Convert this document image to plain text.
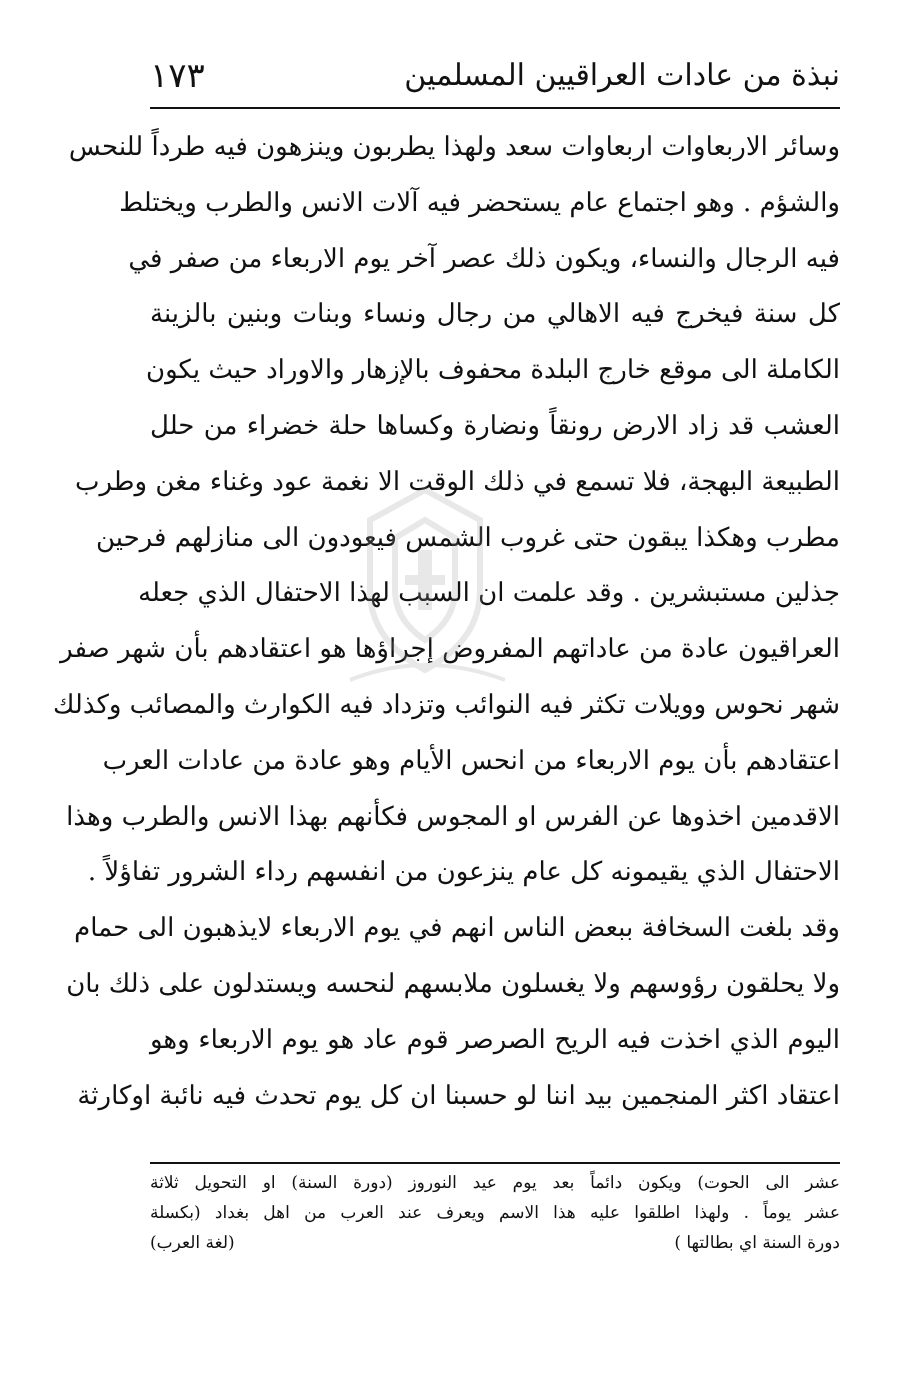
نبذة من عادات العراقيين المسلمين
١٧٣
وسائر الاربعاوات اربعاوات سعد ولهذا يطربون وينزهون فيه طرداً للنحس
والشؤم . وهو اجتماع عام يستحضر فيه آلات الانس والطرب ويختلط
فيه الرجال والنساء، ويكون ذلك عصر آخر يوم الاربعاء من صفر في
كل سنة فيخرج فيه الاهالي من رجال ونساء وبنات وبنين بالزينة
الكاملة الى موقع خارج البلدة محفوف بالإزهار والاوراد حيث يكون
العشب قد زاد الارض رونقاً ونضارة وكساها حلة خضراء من حلل
الطبيعة البهجة، فلا تسمع في ذلك الوقت الا نغمة عود وغناء مغن وطرب
مطرب وهكذا يبقون حتى غروب الشمس فيعودون الى منازلهم فرحين
جذلين مستبشرين . وقد علمت ان السبب لهذا الاحتفال الذي جعله
العراقيون عادة من عاداتهم المفروض إجراؤها هو اعتقادهم بأن شهر صفر
شهر نحوس وويلات تكثر فيه النوائب وتزداد فيه الكوارث والمصائب وكذلك
اعتقادهم بأن يوم الاربعاء من انحس الأيام وهو عادة من عادات العرب
الاقدمين اخذوها عن الفرس او المجوس فكأنهم بهذا الانس والطرب وهذا
الاحتفال الذي يقيمونه كل عام ينزعون من انفسهم رداء الشرور تفاؤلاً .
وقد بلغت السخافة ببعض الناس انهم في يوم الاربعاء لايذهبون الى حمام
ولا يحلقون رؤوسهم ولا يغسلون ملابسهم لنحسه ويستدلون على ذلك بان
اليوم الذي اخذت فيه الريح الصرصر قوم عاد هو يوم الاربعاء وهو
اعتقاد اكثر المنجمين بيد اننا لو حسبنا ان كل يوم تحدث فيه نائبة اوكارثة
عشر الى الحوت) ويكون دائماً بعد يوم عيد النوروز (دورة السنة) او التحويل ثلاثة
عشر يوماً . ولهذا اطلقوا عليه هذا الاسم ويعرف عند العرب من اهل بغداد (بكسلة
دورة السنة اي بطالتها )
(لغة العرب)
